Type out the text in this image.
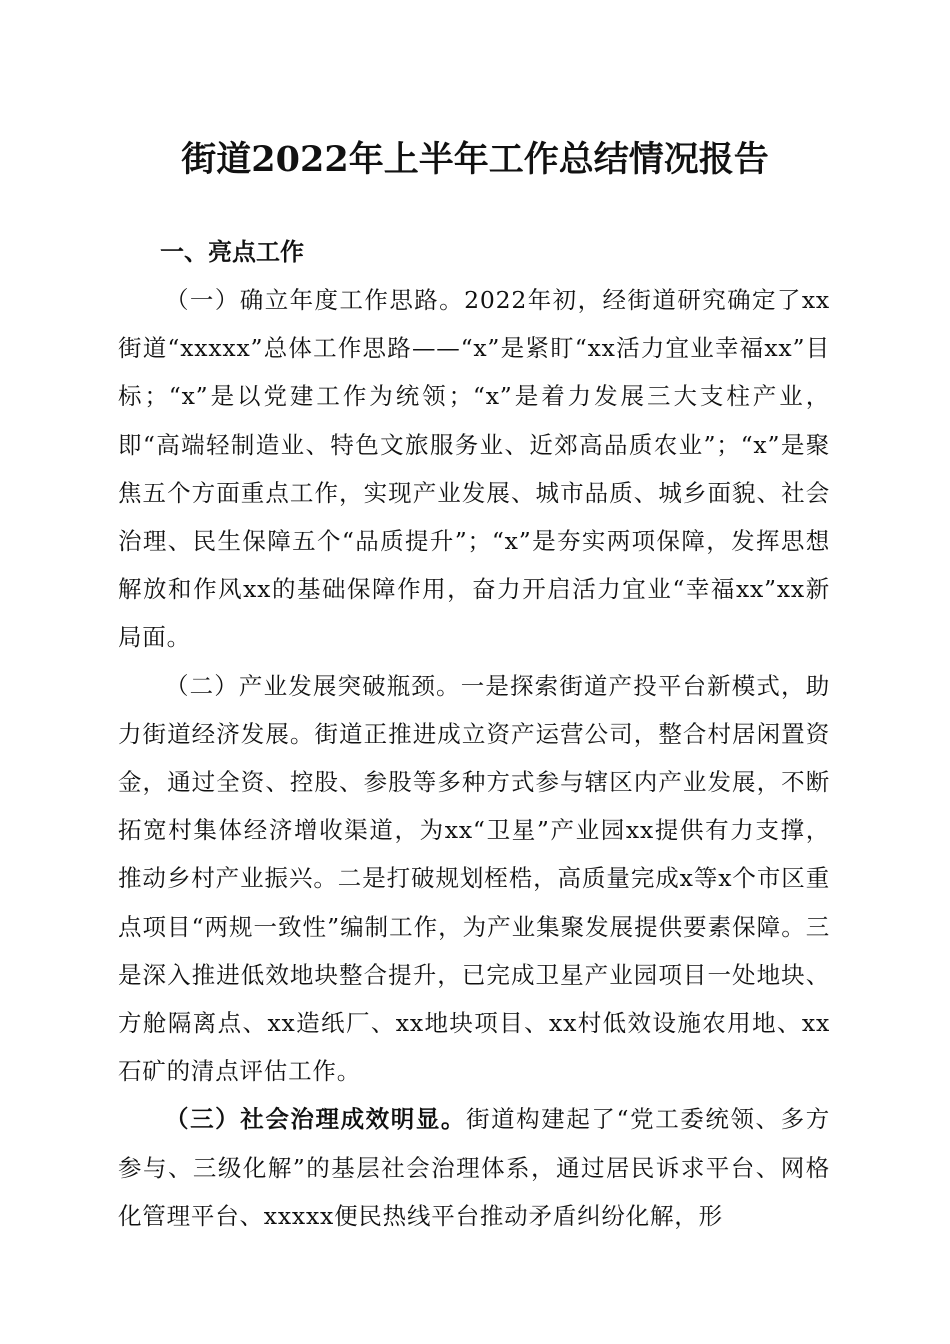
街道2022年上半年工作总结情况报告

一、亮点工作

（一）确立年度工作思路。2022年初，经街道研究确定了xx街道“xxxxx”总体工作思路——“x”是紧盯“xx活力宜业幸福xx”目标；“x”是以党建工作为统领；“x”是着力发展三大支柱产业，即“高端轻制造业、特色文旅服务业、近郊高品质农业”；“x”是聚焦五个方面重点工作，实现产业发展、城市品质、城乡面貌、社会治理、民生保障五个“品质提升”；“x”是夯实两项保障，发挥思想解放和作风xx的基础保障作用，奋力开启活力宜业“幸福xx”xx新局面。

（二）产业发展突破瓶颈。一是探索街道产投平台新模式，助力街道经济发展。街道正推进成立资产运营公司，整合村居闲置资金，通过全资、控股、参股等多种方式参与辖区内产业发展，不断拓宽村集体经济增收渠道，为xx“卫星”产业园xx提供有力支撑，推动乡村产业振兴。二是打破规划桎梏，高质量完成x等x个市区重点项目“两规一致性”编制工作，为产业集聚发展提供要素保障。三是深入推进低效地块整合提升，已完成卫星产业园项目一处地块、方舱隔离点、xx造纸厂、xx地块项目、xx村低效设施农用地、xx石矿的清点评估工作。

（三）社会治理成效明显。街道构建起了“党工委统领、多方参与、三级化解”的基层社会治理体系，通过居民诉求平台、网格化管理平台、xxxxx便民热线平台推动矛盾纠纷化解，形
